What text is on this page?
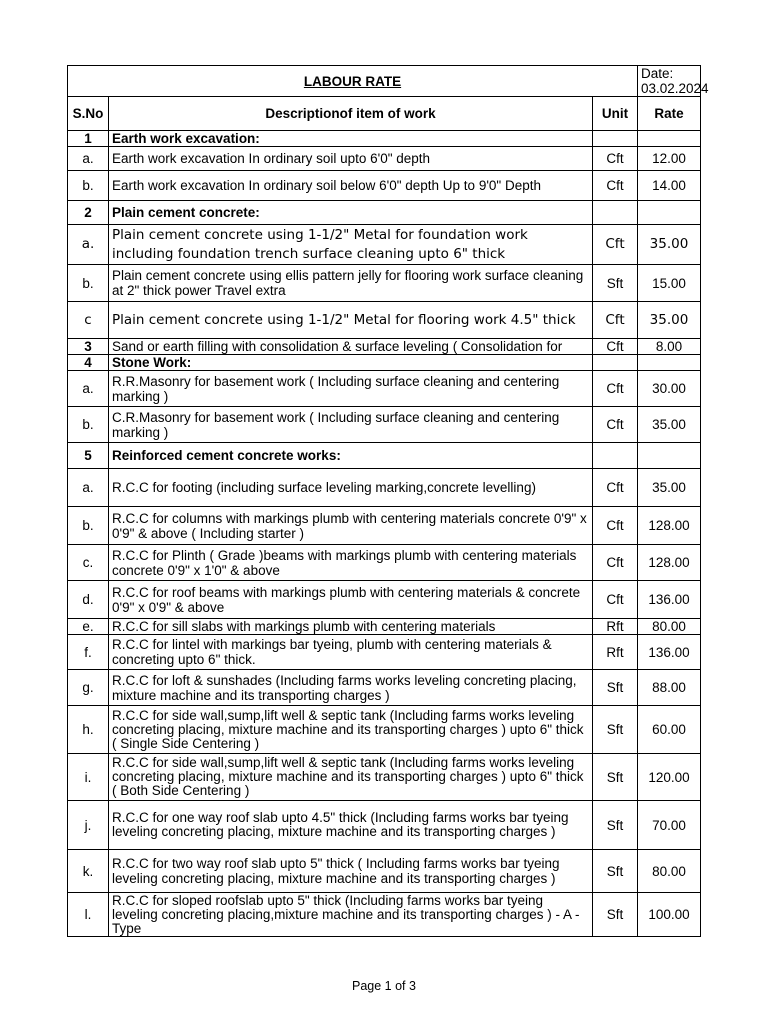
LABOUR RATE			Date: 03.02.2024
S.No	Descriptionof item of work	Unit	Rate
1	Earth work excavation:		
a.	Earth work excavation In ordinary soil upto 6'0" depth	Cft	12.00
b.	Earth work excavation In ordinary soil below 6'0" depth Up to 9'0" Depth	Cft	14.00
2	Plain cement concrete:		
a.	Plain cement concrete using 1-1/2" Metal for foundation work including foundation trench surface cleaning upto 6" thick	Cft	35.00
b.	Plain cement concrete using ellis pattern jelly for flooring work surface cleaning at 2" thick power Travel extra	Sft	15.00
c	Plain cement concrete using 1-1/2" Metal for flooring work 4.5" thick	Cft	35.00
3	Sand or earth filling with consolidation & surface leveling ( Consolidation for	Cft	8.00
4	Stone Work:		
a.	R.R.Masonry for basement work ( Including surface cleaning and centering marking )	Cft	30.00
b.	C.R.Masonry for basement work ( Including surface cleaning and centering marking )	Cft	35.00
5	Reinforced cement concrete works:		
a.	R.C.C for footing (including surface leveling marking,concrete levelling)	Cft	35.00
b.	R.C.C for columns with markings plumb with centering materials concrete 0'9" x 0'9" & above ( Including starter )	Cft	128.00
c.	R.C.C for Plinth ( Grade )beams with markings plumb with centering materials concrete 0'9" x 1'0" & above	Cft	128.00
d.	R.C.C for roof beams with markings plumb with centering materials & concrete 0'9" x 0'9" & above	Cft	136.00
e.	R.C.C for sill slabs with markings plumb with centering materials	Rft	80.00
f.	R.C.C for lintel with markings bar tyeing, plumb with centering materials & concreting upto 6" thick.	Rft	136.00
g.	R.C.C for loft & sunshades (Including farms works leveling concreting placing, mixture machine and its transporting charges )	Sft	88.00
h.	R.C.C for side wall,sump,lift well & septic tank (Including farms works leveling concreting placing, mixture machine and its transporting charges ) upto 6" thick ( Single Side Centering )	Sft	60.00
i.	R.C.C for side wall,sump,lift well & septic tank (Including farms works leveling concreting placing, mixture machine and its transporting charges ) upto 6" thick ( Both Side Centering )	Sft	120.00
j.	R.C.C for one way roof slab upto 4.5" thick (Including farms works bar tyeing leveling concreting placing, mixture machine and its transporting charges )	Sft	70.00
k.	R.C.C for two way roof slab upto 5" thick ( Including farms works bar tyeing leveling concreting placing, mixture machine and its transporting charges )	Sft	80.00
l.	R.C.C for sloped roofslab upto 5" thick (Including farms works bar tyeing leveling concreting placing,mixture machine and its transporting charges ) - A - Type	Sft	100.00
Page 1 of 3
